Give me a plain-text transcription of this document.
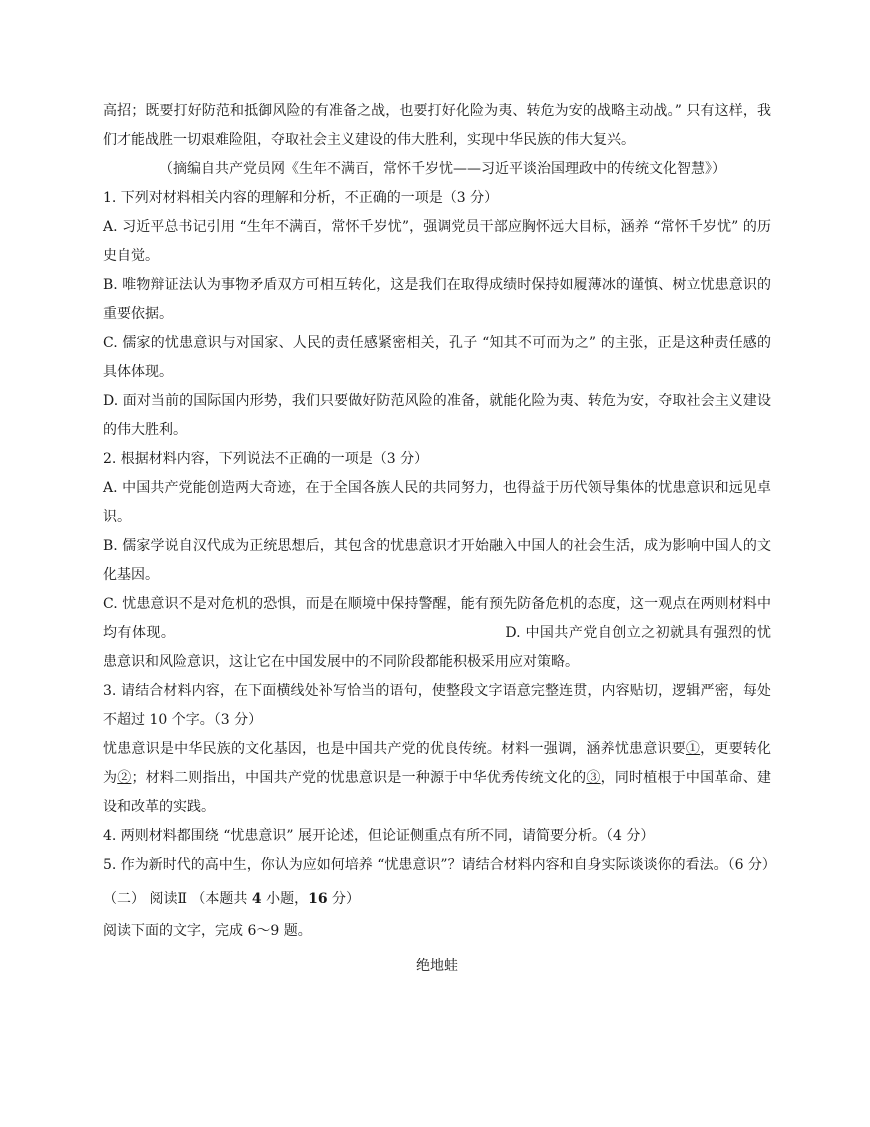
高招；既要打好防范和抵御风险的有准备之战，也要打好化险为夷、转危为安的战略主动战。” 只有这样，我们才能战胜一切艰难险阻，夺取社会主义建设的伟大胜利，实现中华民族的伟大复兴。

（摘编自共产党员网《生年不满百，常怀千岁忧——习近平谈治国理政中的传统文化智慧》）

1. 下列对材料相关内容的理解和分析，不正确的一项是（3 分）

A. 习近平总书记引用 “生年不满百，常怀千岁忧”，强调党员干部应胸怀远大目标，涵养 “常怀千岁忧” 的历史自觉。

B. 唯物辩证法认为事物矛盾双方可相互转化，这是我们在取得成绩时保持如履薄冰的谨慎、树立忧患意识的重要依据。

C. 儒家的忧患意识与对国家、人民的责任感紧密相关，孔子 “知其不可而为之” 的主张，正是这种责任感的具体体现。

D. 面对当前的国际国内形势，我们只要做好防范风险的准备，就能化险为夷、转危为安，夺取社会主义建设的伟大胜利。

2. 根据材料内容，下列说法不正确的一项是（3 分）

A. 中国共产党能创造两大奇迹，在于全国各族人民的共同努力，也得益于历代领导集体的忧患意识和远见卓识。

B. 儒家学说自汉代成为正统思想后，其包含的忧患意识才开始融入中国人的社会生活，成为影响中国人的文化基因。

C. 忧患意识不是对危机的恐惧，而是在顺境中保持警醒，能有预先防备危机的态度，这一观点在两则材料中均有体现。	D. 中国共产党自创立之初就具有强烈的忧患意识和风险意识，这让它在中国发展中的不同阶段都能积极采用应对策略。

3. 请结合材料内容，在下面横线处补写恰当的语句，使整段文字语意完整连贯，内容贴切，逻辑严密，每处不超过 10 个字。（3 分）

忧患意识是中华民族的文化基因，也是中国共产党的优良传统。材料一强调，涵养忧患意识要①，更要转化为②；材料二则指出，中国共产党的忧患意识是一种源于中华优秀传统文化的③，同时植根于中国革命、建设和改革的实践。

4. 两则材料都围绕 “忧患意识” 展开论述，但论证侧重点有所不同，请简要分析。（4 分）

5. 作为新时代的高中生，你认为应如何培养 “忧患意识”？请结合材料内容和自身实际谈谈你的看法。（6 分）

（二） 阅读Ⅱ （本题共 4 小题，16 分）

阅读下面的文字，完成 6～9 题。

绝地蛙
